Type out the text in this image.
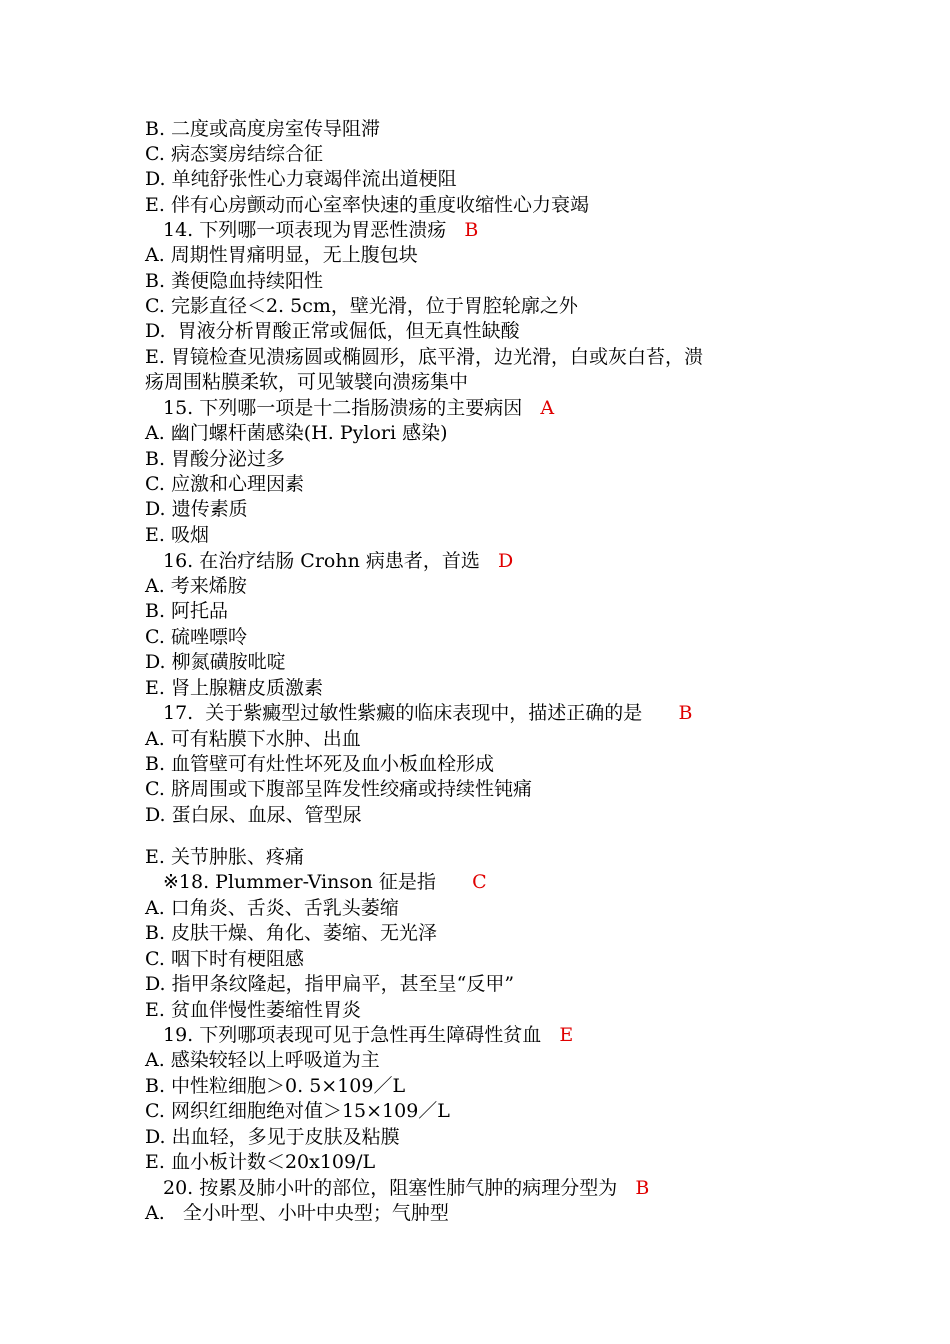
B. 二度或高度房室传导阻滞
C. 病态窦房结综合征
D. 单纯舒张性心力衰竭伴流出道梗阻
E. 伴有心房颤动而心室率快速的重度收缩性心力衰竭
14. 下列哪一项表现为胃恶性溃疡 B
A. 周期性胃痛明显，无上腹包块
B. 粪便隐血持续阳性
C. 完影直径＜2. 5cm，壁光滑，位于胃腔轮廓之外
D.  胃液分析胃酸正常或倔低，但无真性缺酸
E. 胃镜检查见溃疡圆或椭圆形，底平滑，边光滑，白或灰白苔，溃
疡周围粘膜柔软，可见皱襞向溃疡集中
15. 下列哪一项是十二指肠溃疡的主要病因 A
A. 幽门螺杆菌感染(H. Pylori 感染)
B. 胃酸分泌过多
C. 应激和心理因素
D. 遗传素质
E. 吸烟
16. 在治疗结肠 Crohn 病患者，首选 D
A. 考来烯胺
B. 阿托品
C. 硫唑嘌呤
D. 柳氮磺胺吡啶
E. 肾上腺糖皮质激素
17.  关于紫癜型过敏性紫癜的临床表现中，描述正确的是 B
A. 可有粘膜下水肿、出血
B. 血管壁可有灶性坏死及血小板血栓形成
C. 脐周围或下腹部呈阵发性绞痛或持续性钝痛
D. 蛋白尿、血尿、管型尿
E. 关节肿胀、疼痛
※18. Plummer-Vinson 征是指 C
A. 口角炎、舌炎、舌乳头萎缩
B. 皮肤干燥、角化、萎缩、无光泽
C. 咽下时有梗阻感
D. 指甲条纹隆起，指甲扁平，甚至呈“反甲”
E. 贫血伴慢性萎缩性胃炎
19. 下列哪项表现可见于急性再生障碍性贫血 E
A. 感染较轻以上呼吸道为主
B. 中性粒细胞＞0. 5×109／L
C. 网织红细胞绝对值＞15×109／L
D. 出血轻，多见于皮肤及粘膜
E. 血小板计数＜20x109/L
20. 按累及肺小叶的部位，阻塞性肺气肿的病理分型为 B
A.   全小叶型、小叶中央型；气肿型
